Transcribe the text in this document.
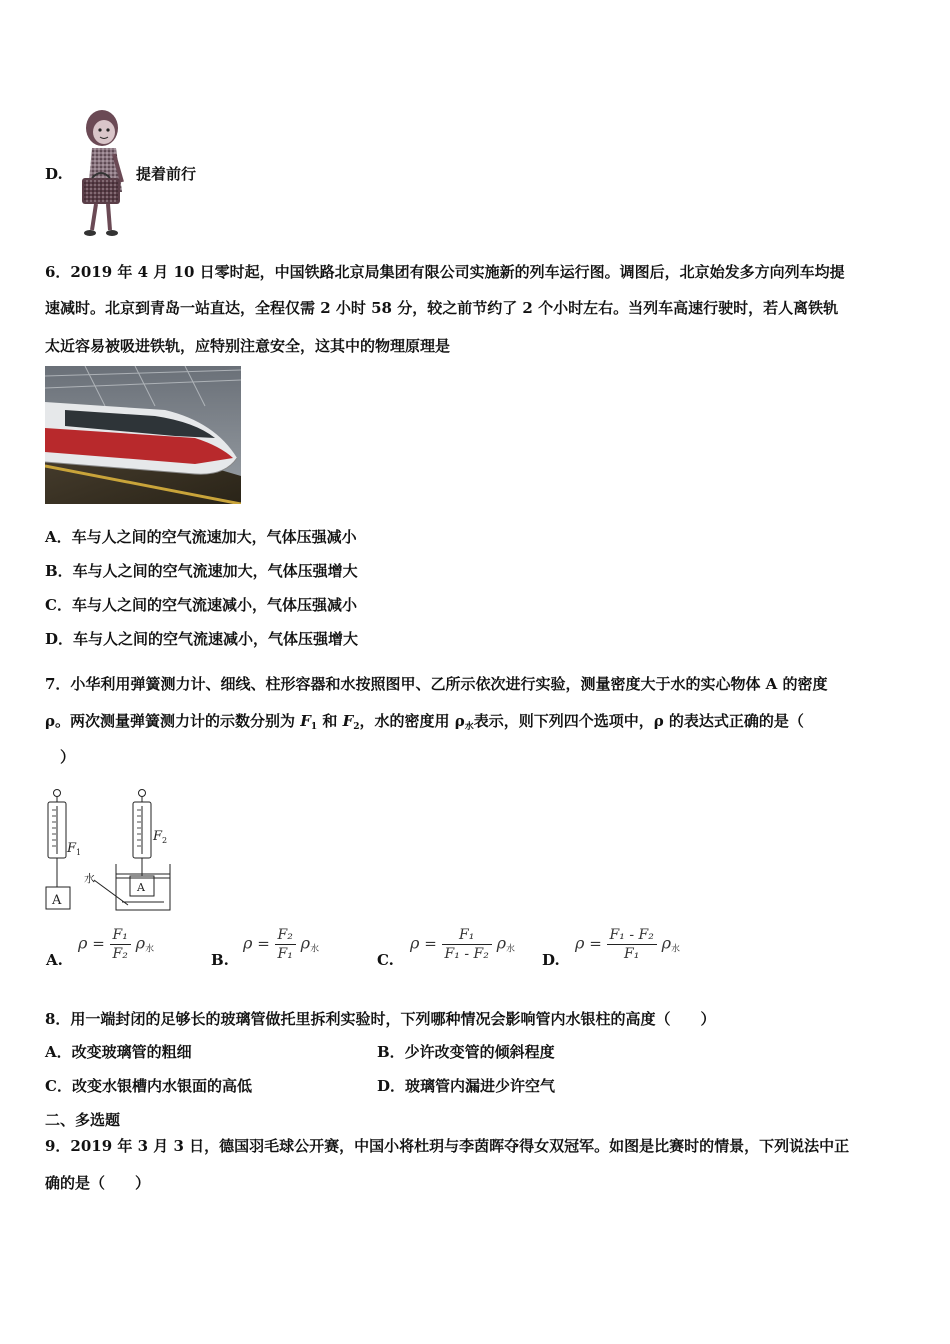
D.	提着前行
6．2019 年 4 月 10 日零时起，中国铁路北京局集团有限公司实施新的列车运行图。调图后，北京始发多方向列车均提
速减时。北京到青岛一站直达，全程仅需 2 小时 58 分，较之前节约了 2 个小时左右。当列车高速行驶时，若人离铁轨
太近容易被吸进铁轨，应特别注意安全，这其中的物理原理是
A．车与人之间的空气流速加大，气体压强减小
B．车与人之间的空气流速加大，气体压强增大
C．车与人之间的空气流速减小，气体压强减小
D．车与人之间的空气流速减小，气体压强增大
7．小华利用弹簧测力计、细线、柱形容器和水按照图甲、乙所示依次进行实验，测量密度大于水的实心物体 A 的密度
ρ。两次测量弹簧测力计的示数分别为 $F_1$ 和 $F_2$，水的密度用 $\rho_水$表示，则下列四个选项中，ρ 的表达式正确的是（
）
F 1
F 2
水
A
A
A.
$\rho = \frac{\text{F₁}}{\text{F₂}} \rho_水$
B.
$\rho = \frac{\text{F₂}}{\text{F₁}} \rho_水$
C.
$\rho = \frac{\text{F₁}}{\text{F₁ - F₂}} \rho_水$
D.
$\rho = \frac{\text{F₁ - F₂}}{\text{F₁}} \rho_水$
8．用一端封闭的足够长的玻璃管做托里拆利实验时，下列哪种情况会影响管内水银柱的高度（　　）
A．改变玻璃管的粗细	B．少许改变管的倾斜程度
C．改变水银槽内水银面的高低	D．玻璃管内漏进少许空气
二、多选题
9．2019 年 3 月 3 日，德国羽毛球公开赛，中国小将杜玥与李茵晖夺得女双冠军。如图是比赛时的情景，下列说法中正
确的是（　　）
